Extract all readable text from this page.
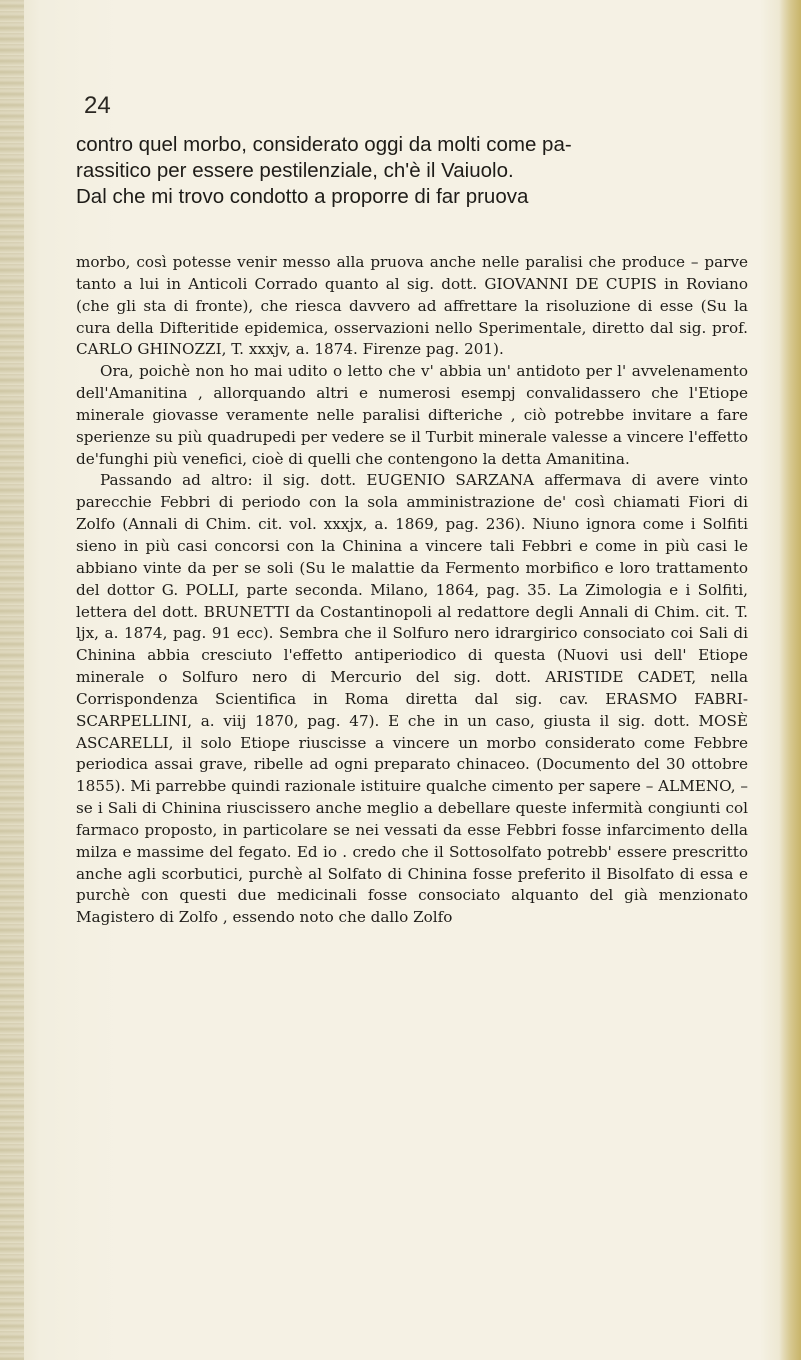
24
contro quel morbo, considerato oggi da molti come pa-
rassitico per essere pestilenziale, ch'è il Vaiuolo.
Dal che mi trovo condotto a proporre di far pruova

morbo, così potesse venir messo alla pruova anche nelle paralisi che produce – parve tanto a lui in Anticoli Corrado quanto al sig. dott. GIOVANNI DE CUPIS in Roviano (che gli sta di fronte), che riesca davvero ad affrettare la risoluzione di esse (Su la cura della Difteritide epidemica, osservazioni nello Sperimentale, diretto dal sig. prof. CARLO GHINOZZI, T. xxxjv, a. 1874. Firenze pag. 201).

Ora, poichè non ho mai udito o letto che v' abbia un' antidoto per l' avvelenamento dell'Amanitina , allorquando altri e numerosi esempj convalidassero che l'Etiope minerale giovasse veramente nelle paralisi difteriche , ciò potrebbe invitare a fare sperienze su più quadrupedi per vedere se il Turbit minerale valesse a vincere l'effetto de'funghi più venefici, cioè di quelli che contengono la detta Amanitina.

Passando ad altro: il sig. dott. EUGENIO SARZANA affermava di avere vinto parecchie Febbri di periodo con la sola amministrazione de' così chiamati Fiori di Zolfo (Annali di Chim. cit. vol. xxxjx, a. 1869, pag. 236). Niuno ignora come i Solfiti sieno in più casi concorsi con la Chinina a vincere tali Febbri e come in più casi le abbiano vinte da per se soli (Su le malattie da Fermento morbifico e loro trattamento del dottor G. POLLI, parte seconda. Milano, 1864, pag. 35. La Zimologia e i Solfiti, lettera del dott. BRUNETTI da Costantinopoli al redattore degli Annali di Chim. cit. T. ljx, a. 1874, pag. 91 ecc). Sembra che il Solfuro nero idrargirico consociato coi Sali di Chinina abbia cresciuto l'effetto antiperiodico di questa (Nuovi usi dell' Etiope minerale o Solfuro nero di Mercurio del sig. dott. ARISTIDE CADET, nella Corrispondenza Scientifica in Roma diretta dal sig. cav. ERASMO FABRI-SCARPELLINI, a. viij 1870, pag. 47). E che in un caso, giusta il sig. dott. MOSÈ ASCARELLI, il solo Etiope riuscisse a vincere un morbo considerato come Febbre periodica assai grave, ribelle ad ogni preparato chinaceo. (Documento del 30 ottobre 1855). Mi parrebbe quindi razionale istituire qualche cimento per sapere – ALMENO, – se i Sali di Chinina riuscissero anche meglio a debellare queste infermità congiunti col farmaco proposto, in particolare se nei vessati da esse Febbri fosse infarcimento della milza e massime del fegato. Ed io . credo che il Sottosolfato potrebb' essere prescritto anche agli scorbutici, purchè al Solfato di Chinina fosse preferito il Bisolfato di essa e purchè con questi due medicinali fosse consociato alquanto del già menzionato Magistero di Zolfo , essendo noto che dallo Zolfo
